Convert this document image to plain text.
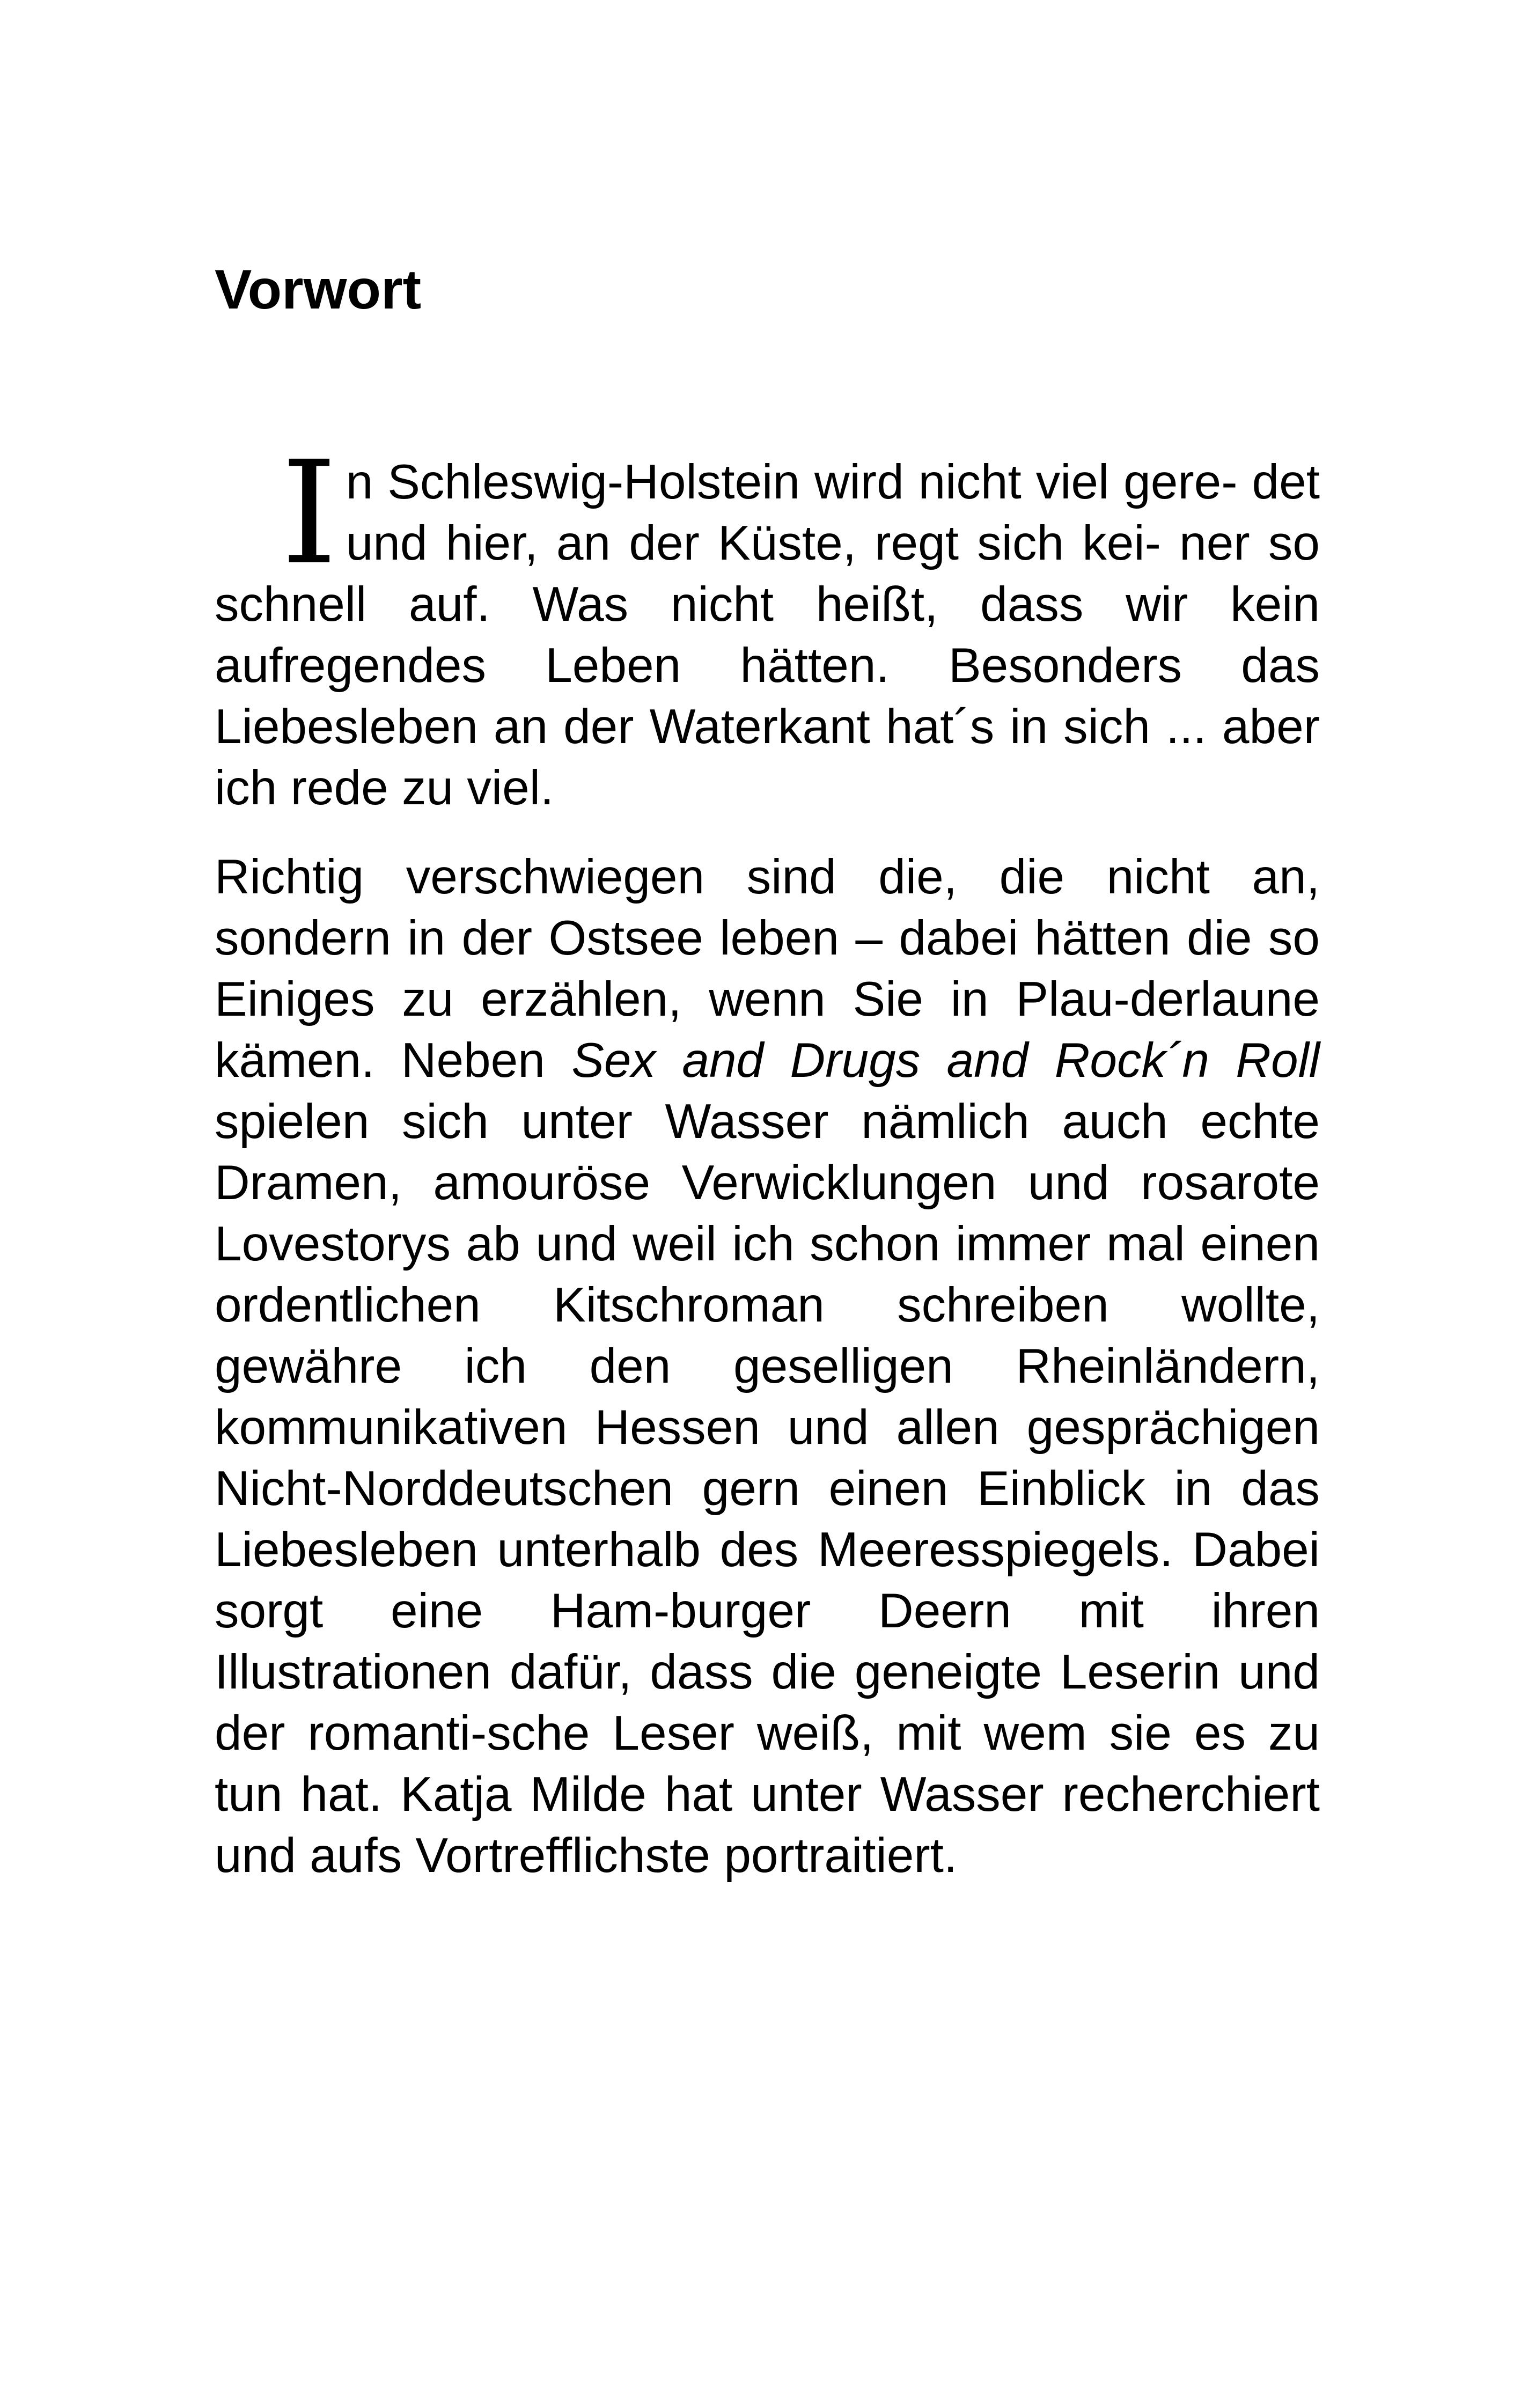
Vorwort

I n Schleswig-Holstein wird nicht viel gere- det und hier, an der Küste, regt sich kei- ner so schnell auf. Was nicht heißt, dass wir kein aufregendes Leben hätten. Besonders das Liebesleben an der Waterkant hat´s in sich ... aber ich rede zu viel.

Richtig verschwiegen sind die, die nicht an, sondern in der Ostsee leben – dabei hätten die so Einiges zu erzählen, wenn Sie in Plau-derlaune kämen. Neben Sex and Drugs and Rock´n Roll spielen sich unter Wasser nämlich auch echte Dramen, amouröse Verwicklungen und rosarote Lovestorys ab und weil ich schon immer mal einen ordentlichen Kitschroman schreiben wollte, gewähre ich den geselligen Rheinländern, kommunikativen Hessen und allen gesprächigen Nicht-Norddeutschen gern einen Einblick in das Liebesleben unterhalb des Meeresspiegels. Dabei sorgt eine Ham-burger Deern mit ihren Illustrationen dafür, dass die geneigte Leserin und der romanti-sche Leser weiß, mit wem sie es zu tun hat. Katja Milde hat unter Wasser recherchiert und aufs Vortrefflichste portraitiert.
